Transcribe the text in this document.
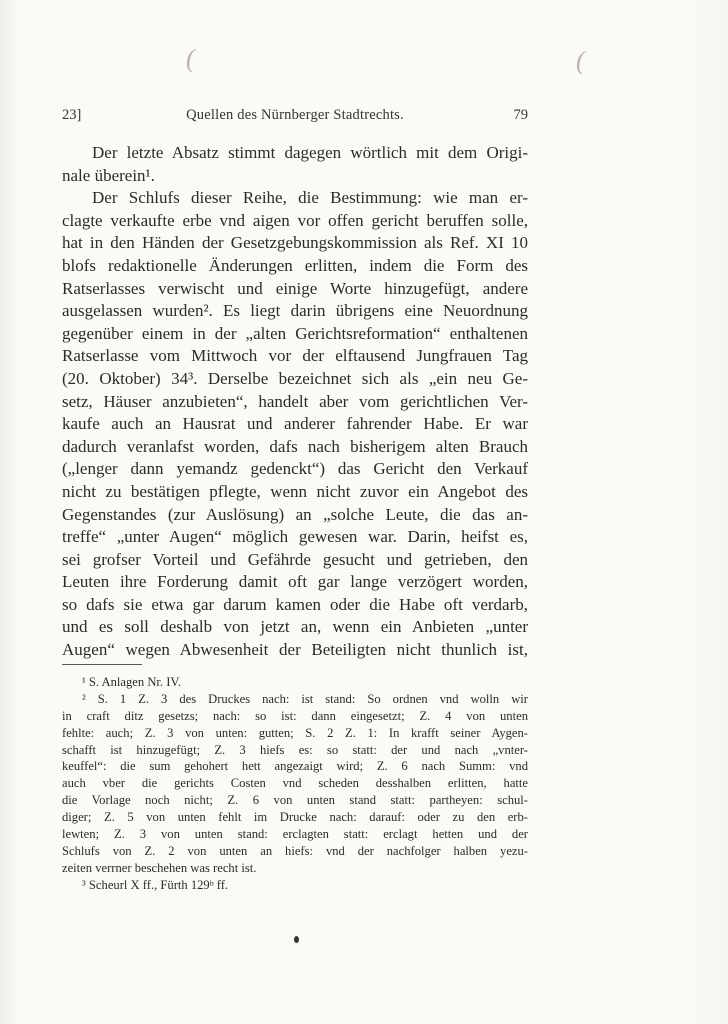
(	(
23]	Quellen des Nürnberger Stadtrechts.	79
Der letzte Absatz stimmt dagegen wörtlich mit dem Origi-
nale überein¹.
Der Schlufs dieser Reihe, die Bestimmung: wie man er-
clagte verkaufte erbe vnd aigen vor offen gericht beruffen solle,
hat in den Händen der Gesetzgebungskommission als Ref. XI 10
blofs redaktionelle Änderungen erlitten, indem die Form des
Ratserlasses verwischt und einige Worte hinzugefügt, andere
ausgelassen wurden². Es liegt darin übrigens eine Neuordnung
gegenüber einem in der „alten Gerichtsreformation“ enthaltenen
Ratserlasse vom Mittwoch vor der elftausend Jungfrauen Tag
(20. Oktober) 34³. Derselbe bezeichnet sich als „ein neu Ge-
setz, Häuser anzubieten“, handelt aber vom gerichtlichen Ver-
kaufe auch an Hausrat und anderer fahrender Habe. Er war
dadurch veranlafst worden, dafs nach bisherigem alten Brauch
(„lenger dann yemandz gedenckt“) das Gericht den Verkauf
nicht zu bestätigen pflegte, wenn nicht zuvor ein Angebot des
Gegenstandes (zur Auslösung) an „solche Leute, die das an-
treffe“ „unter Augen“ möglich gewesen war. Darin, heifst es,
sei grofser Vorteil und Gefährde gesucht und getrieben, den
Leuten ihre Forderung damit oft gar lange verzögert worden,
so dafs sie etwa gar darum kamen oder die Habe oft verdarb,
und es soll deshalb von jetzt an, wenn ein Anbieten „unter
Augen“ wegen Abwesenheit der Beteiligten nicht thunlich ist,
¹ S. Anlagen Nr. IV.
² S. 1 Z. 3 des Druckes nach: ist stand: So ordnen vnd wolln wir
in craft ditz gesetzs; nach: so ist: dann eingesetzt; Z. 4 von unten
fehlte: auch; Z. 3 von unten: gutten; S. 2 Z. 1: In krafft seiner Aygen-
schafft ist hinzugefügt; Z. 3 hiefs es: so statt: der und nach „vnter-
keuffel“: die sum gehohert hett angezaigt wird; Z. 6 nach Summ: vnd
auch vber die gerichts Costen vnd scheden desshalben erlitten, hatte
die Vorlage noch nicht; Z. 6 von unten stand statt: partheyen: schul-
diger; Z. 5 von unten fehlt im Drucke nach: darauf: oder zu den erb-
lewten; Z. 3 von unten stand: erclagten statt: erclagt hetten und der
Schlufs von Z. 2 von unten an hiefs: vnd der nachfolger halben yezu-
zeiten verrner beschehen was recht ist.
³ Scheurl X ff., Fürth 129ᵇ ff.
